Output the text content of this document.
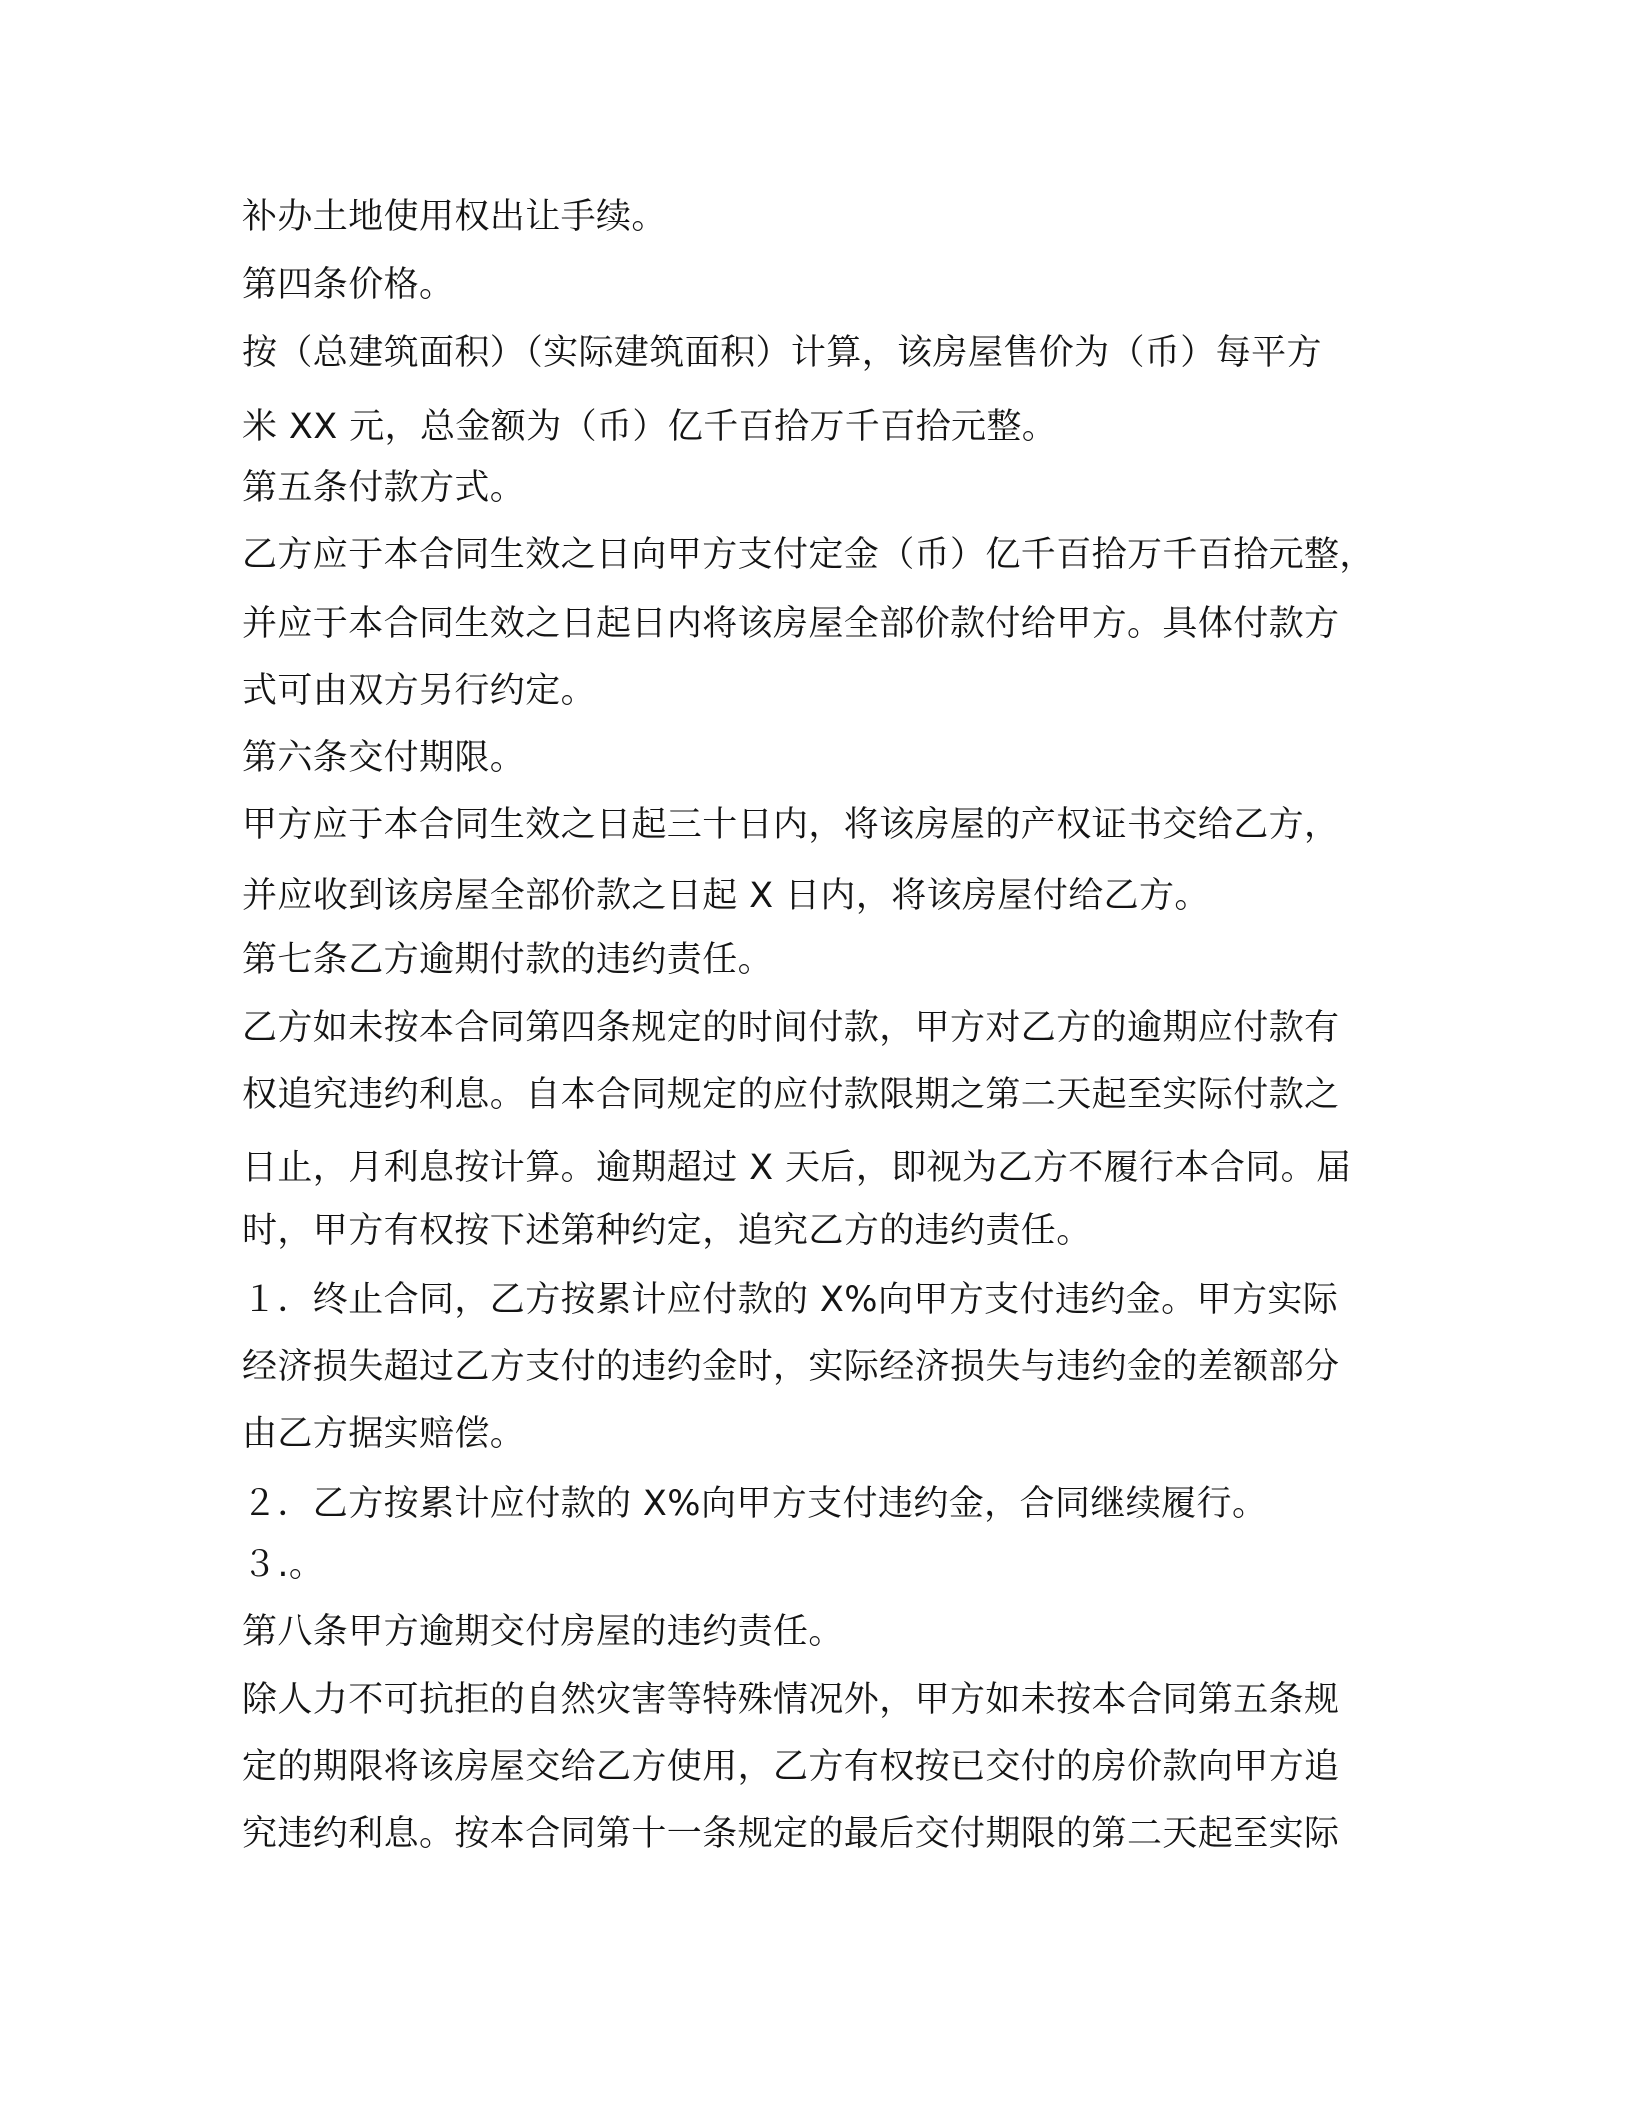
补办土地使用权出让手续。

第四条价格。

按（总建筑面积）（实际建筑面积）计算，该房屋售价为（币）每平方

米 XX 元，总金额为（币）亿千百拾万千百拾元整。

第五条付款方式。

乙方应于本合同生效之日向甲方支付定金（币）亿千百拾万千百拾元整，

并应于本合同生效之日起日内将该房屋全部价款付给甲方。具体付款方

式可由双方另行约定。

第六条交付期限。

甲方应于本合同生效之日起三十日内，将该房屋的产权证书交给乙方，

并应收到该房屋全部价款之日起 X 日内，将该房屋付给乙方。

第七条乙方逾期付款的违约责任。

乙方如未按本合同第四条规定的时间付款，甲方对乙方的逾期应付款有

权追究违约利息。自本合同规定的应付款限期之第二天起至实际付款之

日止，月利息按计算。逾期超过 X 天后，即视为乙方不履行本合同。届

时，甲方有权按下述第种约定，追究乙方的违约责任。

１．终止合同，乙方按累计应付款的 X%向甲方支付违约金。甲方实际

经济损失超过乙方支付的违约金时，实际经济损失与违约金的差额部分

由乙方据实赔偿。

２．乙方按累计应付款的 X%向甲方支付违约金，合同继续履行。

３.。

第八条甲方逾期交付房屋的违约责任。

除人力不可抗拒的自然灾害等特殊情况外，甲方如未按本合同第五条规

定的期限将该房屋交给乙方使用，乙方有权按已交付的房价款向甲方追

究违约利息。按本合同第十一条规定的最后交付期限的第二天起至实际
